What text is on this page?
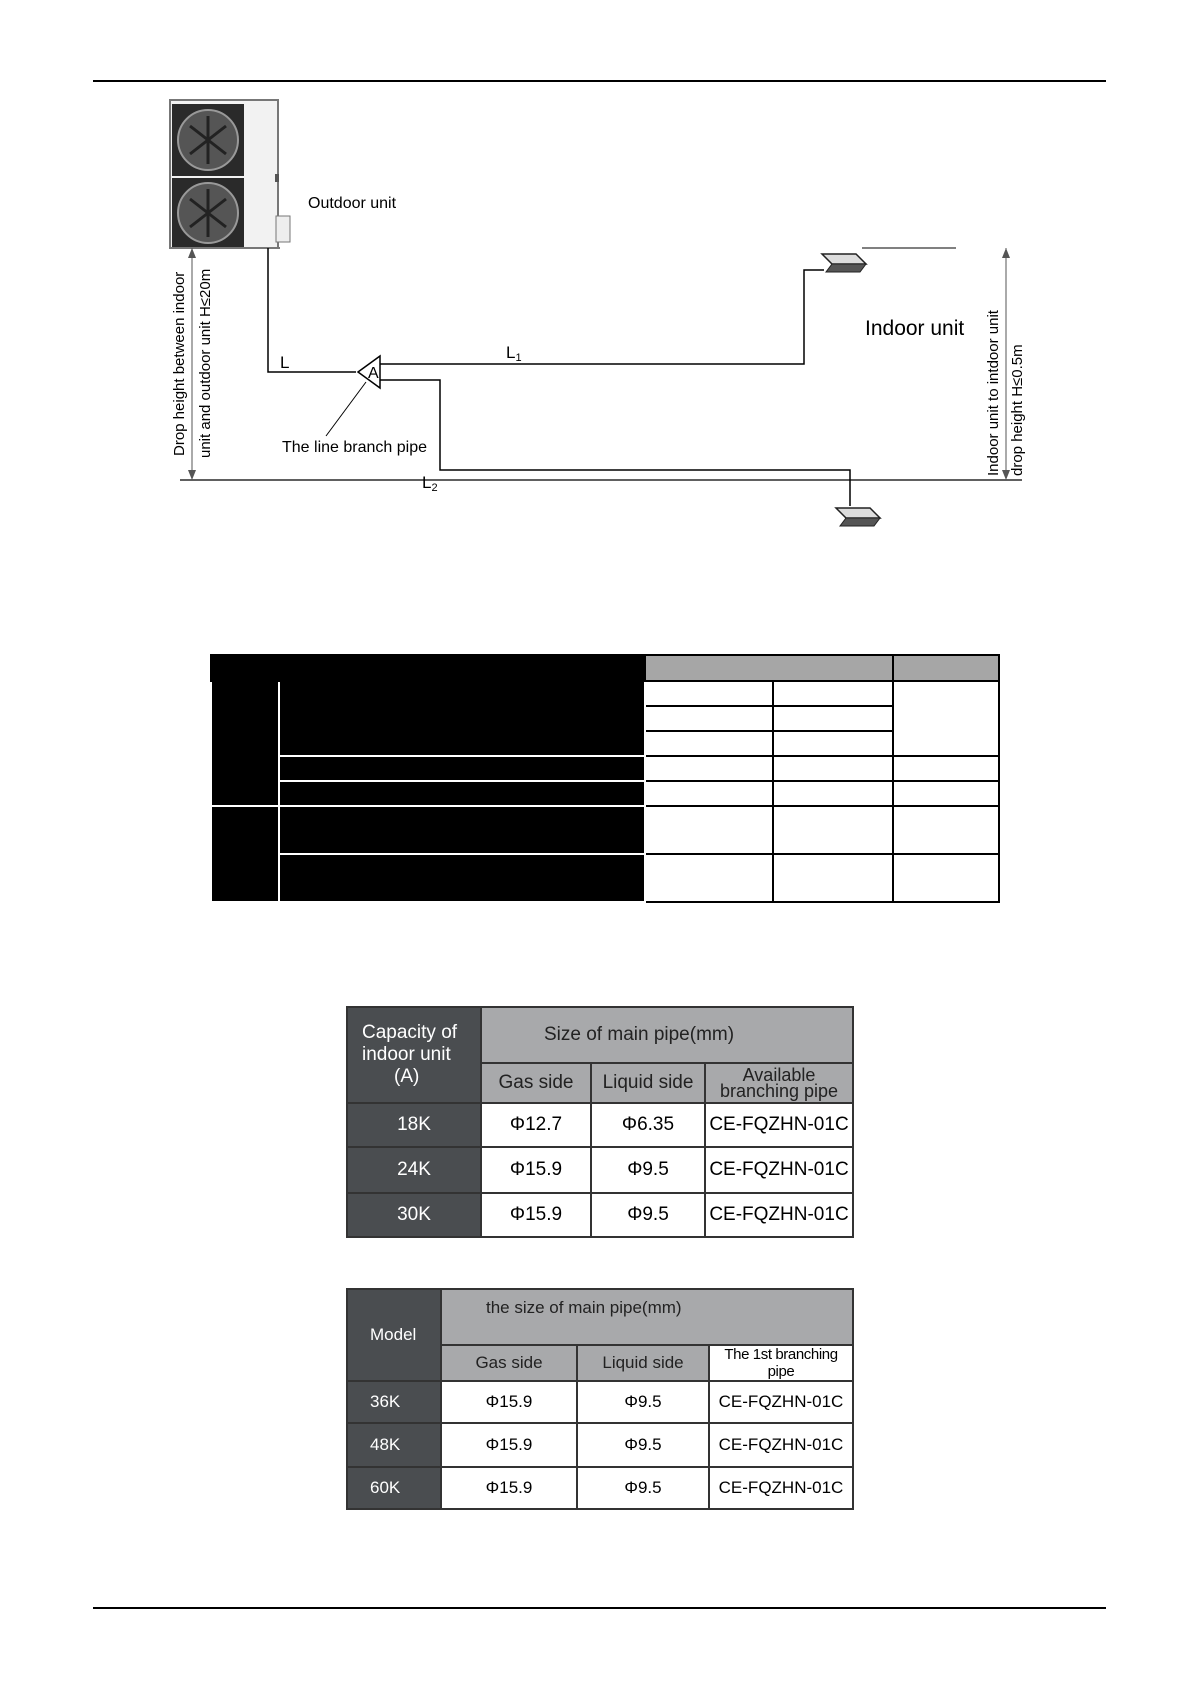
Outdoor unit
L
A
L1
L2
Indoor unit
The line branch pipe
Drop height between indoor unit and outdoor unit H≤20m	Indoor unit to intdoor unit drop height H≤0.5m

Capacity of
indoor unit
(A)	Size of main pipe(mm)		
	Gas side	Liquid side	Available
branching pipe

18K	Φ12.7	Φ6.35	CE-FQZHN-01C
24K	Φ15.9	Φ9.5	CE-FQZHN-01C
30K	Φ15.9	Φ9.5	CE-FQZHN-01C
Model	the size of main pipe(mm)		
	Gas side	Liquid side	The 1st branching pipe
36K	Φ15.9	Φ9.5	CE-FQZHN-01C
48K	Φ15.9	Φ9.5	CE-FQZHN-01C
60K	Φ15.9	Φ9.5	CE-FQZHN-01C
